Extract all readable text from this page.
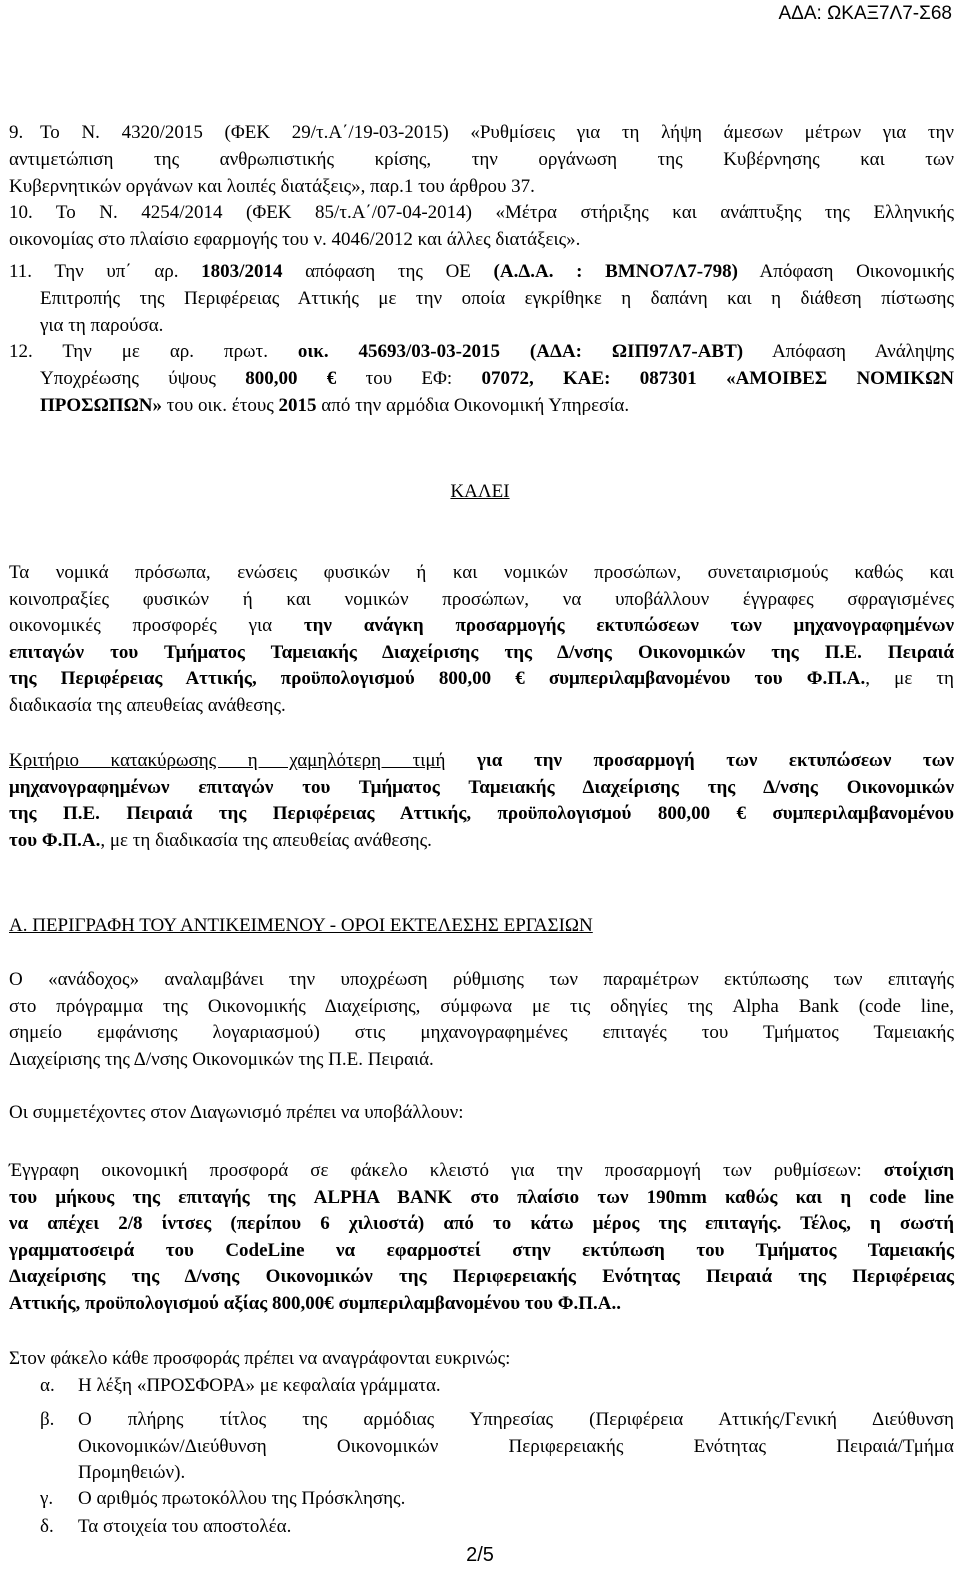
ΑΔΑ: ΩΚΑΞ7Λ7-Σ68
9. Το Ν. 4320/2015 (ΦΕΚ 29/τ.Α΄/19-03-2015) «Ρυθμίσεις για τη λήψη άμεσων μέτρων για την
αντιμετώπιση της ανθρωπιστικής κρίσης, την οργάνωση της Κυβέρνησης και των
Κυβερνητικών οργάνων και λοιπές διατάξεις», παρ.1 του άρθρου 37.
10. Το Ν. 4254/2014 (ΦΕΚ 85/τ.Α΄/07-04-2014) «Μέτρα στήριξης και ανάπτυξης της Ελληνικής
οικονομίας στο πλαίσιο εφαρμογής του ν. 4046/2012 και άλλες διατάξεις».
11. Την υπ΄ αρ. 1803/2014 απόφαση της ΟΕ (Α.Δ.Α. : ΒΜΝΟ7Λ7-798) Απόφαση Οικονομικής
Επιτροπής της Περιφέρειας Αττικής με την οποία εγκρίθηκε η δαπάνη και η διάθεση πίστωσης
για τη παρούσα.
12. Την με αρ. πρωτ. οικ. 45693/03-03-2015 (ΑΔΑ: ΩΙΠ97Λ7-ΑΒΤ) Απόφαση Ανάληψης
Υποχρέωσης ύψους 800,00 € του ΕΦ: 07072, ΚΑΕ: 087301 «ΑΜΟΙΒΕΣ ΝΟΜΙΚΩΝ
ΠΡΟΣΩΠΩΝ» του οικ. έτους 2015 από την αρμόδια Οικονομική Υπηρεσία.

ΚΑΛΕΙ

Τα νομικά πρόσωπα, ενώσεις φυσικών ή και νομικών προσώπων, συνεταιρισμούς καθώς και
κοινοπραξίες φυσικών ή και νομικών προσώπων, να υποβάλλουν έγγραφες σφραγισμένες
οικονομικές προσφορές για την ανάγκη προσαρμογής εκτυπώσεων των μηχανογραφημένων
επιταγών του Τμήματος Ταμειακής Διαχείρισης της Δ/νσης Οικονομικών της Π.Ε. Πειραιά
της Περιφέρειας Αττικής, προϋπολογισμού 800,00 € συμπεριλαμβανομένου του Φ.Π.Α., με τη
διαδικασία της απευθείας ανάθεσης.
Κριτήριο κατακύρωσης η χαμηλότερη τιμή για την προσαρμογή των εκτυπώσεων των
μηχανογραφημένων επιταγών του Τμήματος Ταμειακής Διαχείρισης της Δ/νσης Οικονομικών
της Π.Ε. Πειραιά της Περιφέρειας Αττικής, προϋπολογισμού 800,00 € συμπεριλαμβανομένου
του Φ.Π.Α., με τη διαδικασία της απευθείας ανάθεσης.
Α. ΠΕΡΙΓΡΑΦΗ ΤΟΥ ΑΝΤΙΚΕΙΜΕΝΟΥ - ΟΡΟΙ ΕΚΤΕΛΕΣΗΣ ΕΡΓΑΣΙΩΝ
Ο «ανάδοχος» αναλαμβάνει την υποχρέωση ρύθμισης των παραμέτρων εκτύπωσης των επιταγής
στο πρόγραμμα της Οικονομικής Διαχείρισης, σύμφωνα με τις οδηγίες της Alpha Bank (code line,
σημείο εμφάνισης λογαριασμού) στις μηχανογραφημένες επιταγές του Τμήματος Ταμειακής
Διαχείρισης της Δ/νσης Οικονομικών της Π.Ε. Πειραιά.
Οι συμμετέχοντες στον Διαγωνισμό πρέπει να υποβάλλουν:
Έγγραφη οικονομική προσφορά σε φάκελο κλειστό για την προσαρμογή των ρυθμίσεων: στοίχιση
του μήκους της επιταγής της ALPHA BANK στο πλαίσιο των 190mm καθώς και η code line
να απέχει 2/8 ίντσες (περίπου 6 χιλιοστά) από το κάτω μέρος της επιταγής. Τέλος, η σωστή
γραμματοσειρά του CodeLine να εφαρμοστεί στην εκτύπωση του Τμήματος Ταμειακής
Διαχείρισης της Δ/νσης Οικονομικών της Περιφερειακής Ενότητας Πειραιά της Περιφέρειας
Αττικής, προϋπολογισμού αξίας 800,00€ συμπεριλαμβανομένου του Φ.Π.Α..
Στον φάκελο κάθε προσφοράς πρέπει να αναγράφονται ευκρινώς:
α. Η λέξη «ΠΡΟΣΦΟΡΑ» με κεφαλαία γράμματα.

β. Ο πλήρης τίτλος της αρμόδιας Υπηρεσίας (Περιφέρεια Αττικής/Γενική Διεύθυνση
Οικονομικών/Διεύθυνση Οικονομικών Περιφερειακής Ενότητας Πειραιά/Τμήμα
Προμηθειών).
γ. Ο αριθμός πρωτοκόλλου της Πρόσκλησης.

δ. Τα στοιχεία του αποστολέα.

2/5
